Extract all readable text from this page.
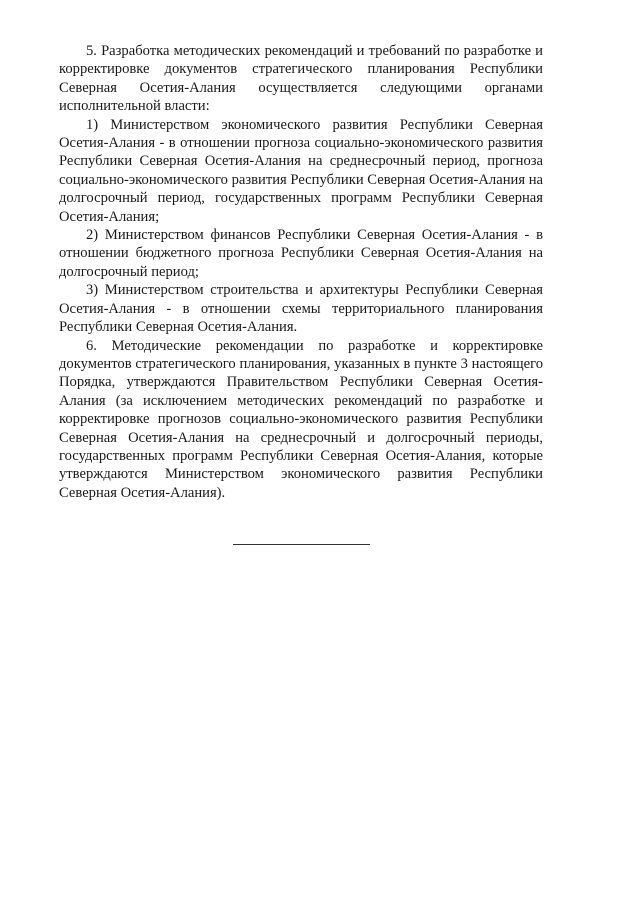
5. Разработка методических рекомендаций и требований по разработке и корректировке документов стратегического планирования Республики Северная Осетия-Алания осуществляется следующими органами исполнительной власти:

1) Министерством экономического развития Республики Северная Осетия-Алания - в отношении прогноза социально-экономического развития Республики Северная Осетия-Алания на среднесрочный период, прогноза социально-экономического развития Республики Северная Осетия-Алания на долгосрочный период, государственных программ Республики Северная Осетия-Алания;

2) Министерством финансов Республики Северная Осетия-Алания - в отношении бюджетного прогноза Республики Северная Осетия-Алания на долгосрочный период;

3) Министерством строительства и архитектуры Республики Северная Осетия-Алания - в отношении схемы территориального планирования Республики Северная Осетия-Алания.

6. Методические рекомендации по разработке и корректировке документов стратегического планирования, указанных в пункте 3 настоящего Порядка, утверждаются Правительством Республики Северная Осетия-Алания (за исключением методических рекомендаций по разработке и корректировке прогнозов социально-экономического развития Республики Северная Осетия-Алания на среднесрочный и долгосрочный периоды, государственных программ Республики Северная Осетия-Алания, которые утверждаются Министерством экономического развития Республики Северная Осетия-Алания).
